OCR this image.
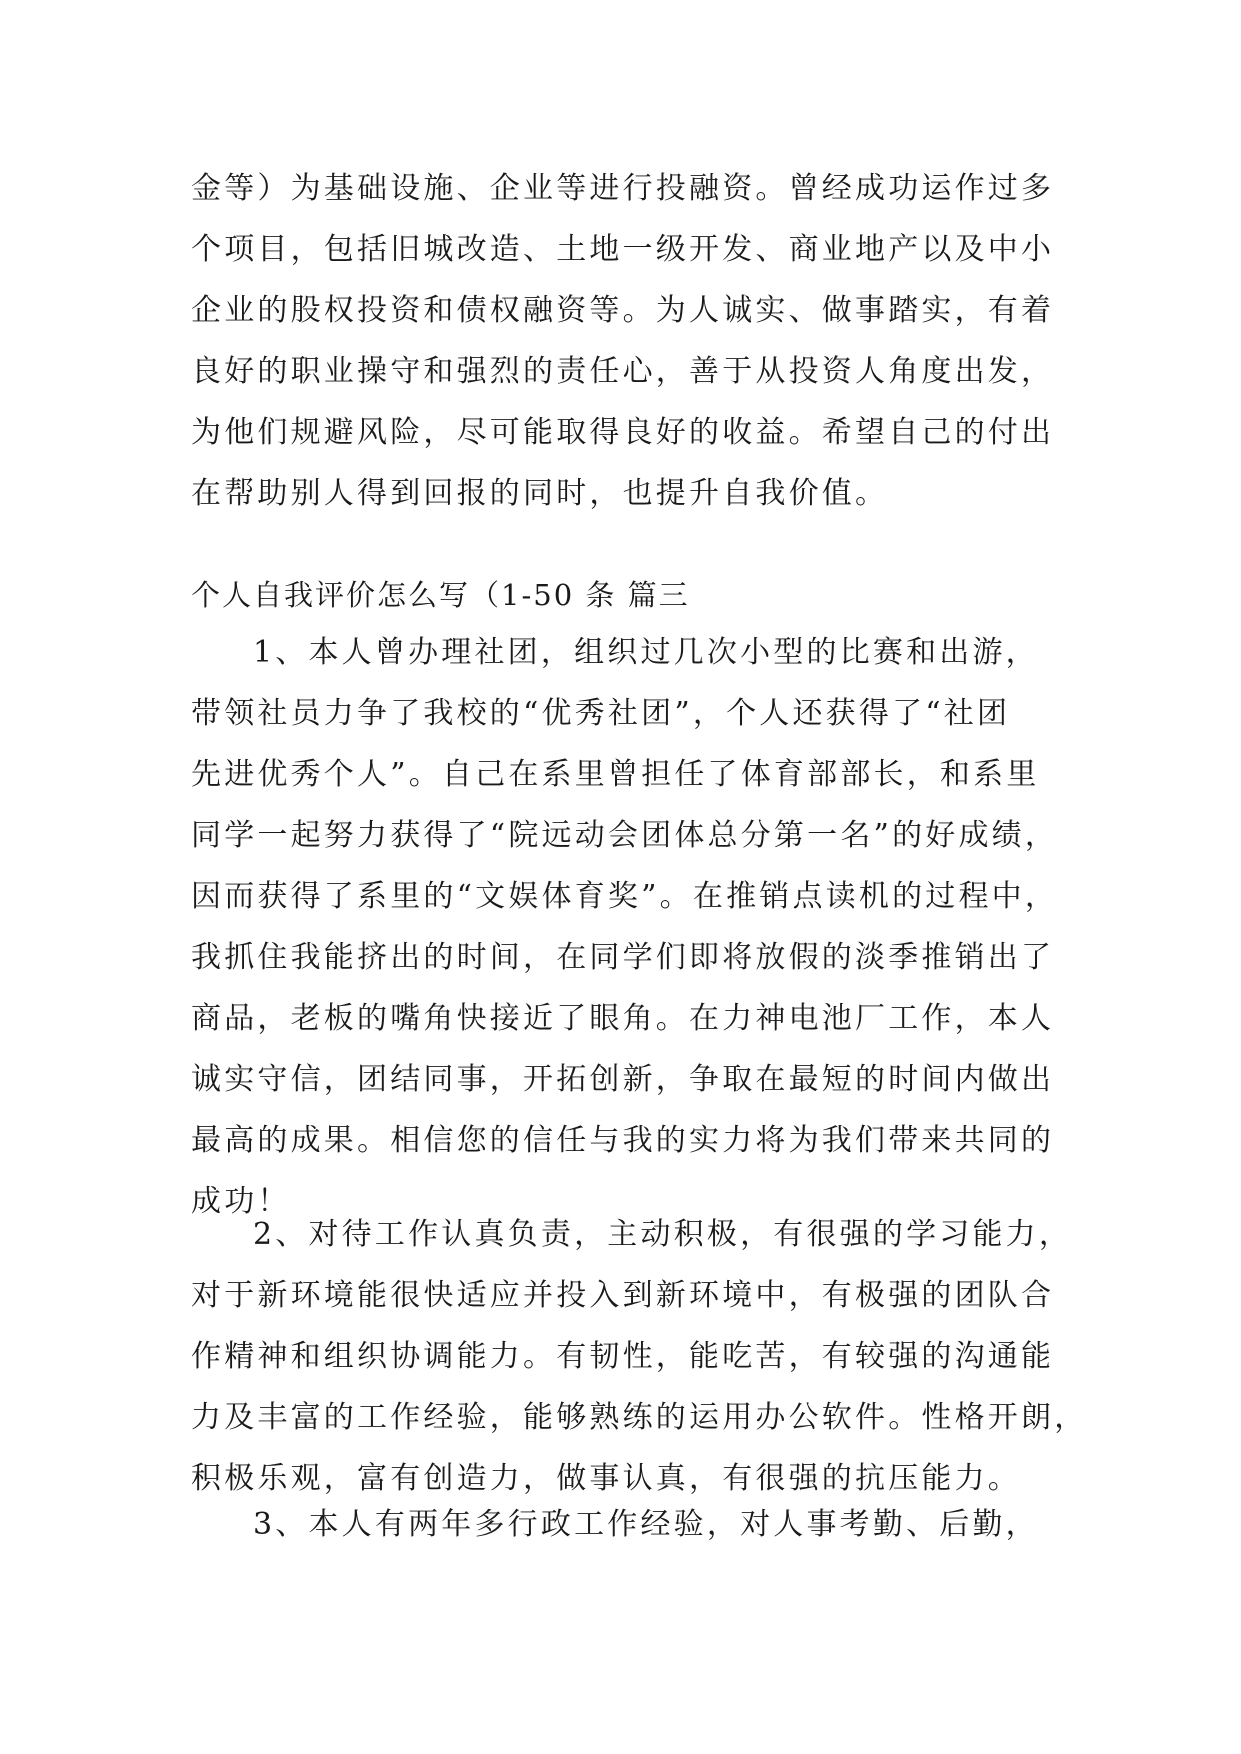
金等）为基础设施、企业等进行投融资。曾经成功运作过多
个项目，包括旧城改造、土地一级开发、商业地产以及中小
企业的股权投资和债权融资等。为人诚实、做事踏实，有着
良好的职业操守和强烈的责任心，善于从投资人角度出发，
为他们规避风险，尽可能取得良好的收益。希望自己的付出
在帮助别人得到回报的同时，也提升自我价值。
个人自我评价怎么写（1-50 条 篇三
1、本人曾办理社团，组织过几次小型的比赛和出游，
带领社员力争了我校的“优秀社团”，个人还获得了“社团
先进优秀个人”。自己在系里曾担任了体育部部长，和系里
同学一起努力获得了“院远动会团体总分第一名”的好成绩，
因而获得了系里的“文娱体育奖”。在推销点读机的过程中，
我抓住我能挤出的时间，在同学们即将放假的淡季推销出了
商品，老板的嘴角快接近了眼角。在力神电池厂工作，本人
诚实守信，团结同事，开拓创新，争取在最短的时间内做出
最高的成果。相信您的信任与我的实力将为我们带来共同的
成功！
2、对待工作认真负责，主动积极，有很强的学习能力，
对于新环境能很快适应并投入到新环境中，有极强的团队合
作精神和组织协调能力。有韧性，能吃苦，有较强的沟通能
力及丰富的工作经验，能够熟练的运用办公软件。性格开朗，
积极乐观，富有创造力，做事认真，有很强的抗压能力。
3、本人有两年多行政工作经验，对人事考勤、后勤，
